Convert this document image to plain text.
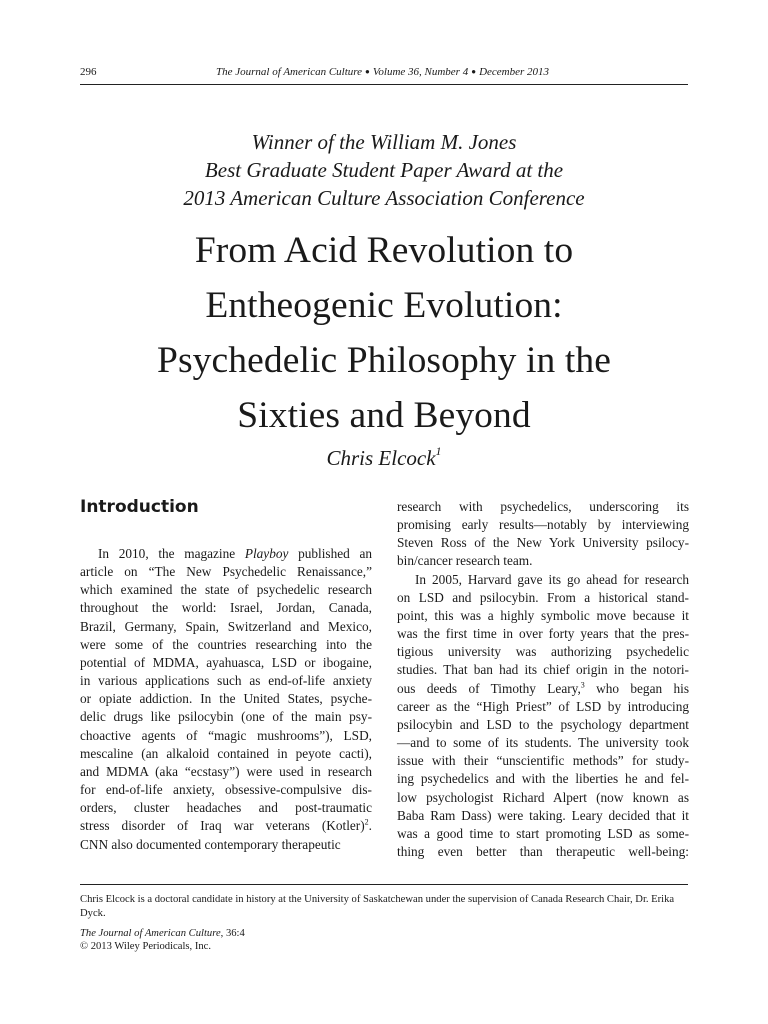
296	The Journal of American Culture ● Volume 36, Number 4 ● December 2013
Winner of the William M. Jones
Best Graduate Student Paper Award at the
2013 American Culture Association Conference
From Acid Revolution to
Entheogenic Evolution:
Psychedelic Philosophy in the
Sixties and Beyond
Chris Elcock$^1$
Introduction

In 2010, the magazine Playboy published an
article on “The New Psychedelic Renaissance,”
which examined the state of psychedelic research
throughout the world: Israel, Jordan, Canada,
Brazil, Germany, Spain, Switzerland and Mexico,
were some of the countries researching into the
potential of MDMA, ayahuasca, LSD or ibogaine,
in various applications such as end-of-life anxiety
or opiate addiction. In the United States, psyche-
delic drugs like psilocybin (one of the main psy-
choactive agents of “magic mushrooms”), LSD,
mescaline (an alkaloid contained in peyote cacti),
and MDMA (aka “ecstasy”) were used in research
for end-of-life anxiety, obsessive-compulsive dis-
orders, cluster headaches and post-traumatic
stress disorder of Iraq war veterans (Kotler)$^2$.
CNN also documented contemporary therapeutic

research with psychedelics, underscoring its
promising early results—notably by interviewing
Steven Ross of the New York University psilocy-
bin/cancer research team.

In 2005, Harvard gave its go ahead for research
on LSD and psilocybin. From a historical stand-
point, this was a highly symbolic move because it
was the first time in over forty years that the pres-
tigious university was authorizing psychedelic
studies. That ban had its chief origin in the notori-
ous deeds of Timothy Leary,$^3$ who began his
career as the “High Priest” of LSD by introducing
psilocybin and LSD to the psychology department
—and to some of its students. The university took
issue with their “unscientific methods” for study-
ing psychedelics and with the liberties he and fel-
low psychologist Richard Alpert (now known as
Baba Ram Dass) were taking. Leary decided that it
was a good time to start promoting LSD as some-
thing even better than therapeutic well-being:

Chris Elcock is a doctoral candidate in history at the University of Saskatchewan under the supervision of Canada Research Chair, Dr. Erika Dyck.
The Journal of American Culture, 36:4
© 2013 Wiley Periodicals, Inc.
